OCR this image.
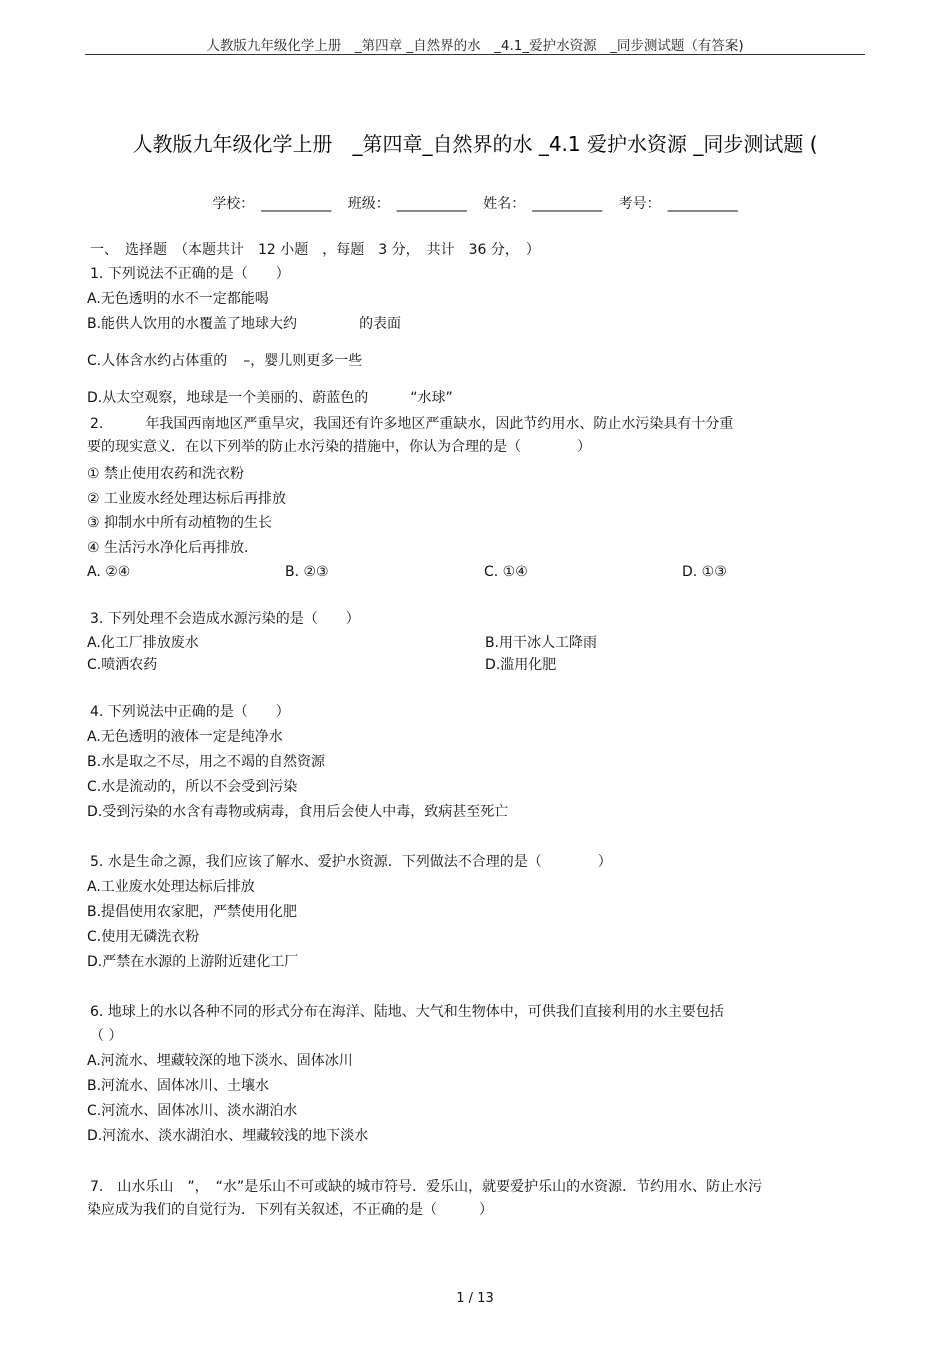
人教版九年级化学上册　_第四章 _自然界的水　_4.1_爱护水资源　_同步测试题（有答案)
人教版九年级化学上册　_第四章_自然界的水 _4.1 爱护水资源 _同步测试题 (
学校：　__________ 班级：　__________ 姓名：　__________ 考号：　__________
一、　选择题　（本题共计　12 小题　，每题　3 分，　共计　36 分，　）
1. 下列说法不正确的是（　　）
A.无色透明的水不一定都能喝
B.能供人饮用的水覆盖了地球大约	的表面
C.人体含水约占体重的 –，婴儿则更多一些
D.从太空观察，地球是一个美丽的、蔚蓝色的　　　“水球”
2.　　　年我国西南地区严重旱灾，我国还有许多地区严重缺水，因此节约用水、防止水污染具有十分重
要的现实意义．在以下列举的防止水污染的措施中，你认为合理的是（　　　　）
① 禁止使用农药和洗衣粉
② 工业废水经处理达标后再排放
③ 抑制水中所有动植物的生长
④ 生活污水净化后再排放．
A. ②④	B. ②③	C. ①④	D. ①③
3. 下列处理不会造成水源污染的是（　　）
A.化工厂排放废水	B.用干冰人工降雨
C.喷洒农药	D.滥用化肥
4. 下列说法中正确的是（　　）
A.无色透明的液体一定是纯净水
B.水是取之不尽，用之不竭的自然资源
C.水是流动的，所以不会受到污染
D.受到污染的水含有毒物或病毒，食用后会使人中毒，致病甚至死亡
5. 水是生命之源，我们应该了解水、爱护水资源．下列做法不合理的是（　　　　）
A.工业废水处理达标后排放
B.提倡使用农家肥，严禁使用化肥
C.使用无磷洗衣粉
D.严禁在水源的上游附近建化工厂
6. 地球上的水以各种不同的形式分布在海洋、陆地、大气和生物体中，可供我们直接利用的水主要包括
（ ）
A.河流水、埋藏较深的地下淡水、固体冰川
B.河流水、固体冰川、土壤水
C.河流水、固体冰川、淡水湖泊水
D.河流水、淡水湖泊水、埋藏较浅的地下淡水
7.　山水乐山　”，　“水”是乐山不可或缺的城市符号．爱乐山，就要爱护乐山的水资源．节约用水、防止水污
染应成为我们的自觉行为．下列有关叙述，不正确的是（　　　）
1 / 13
